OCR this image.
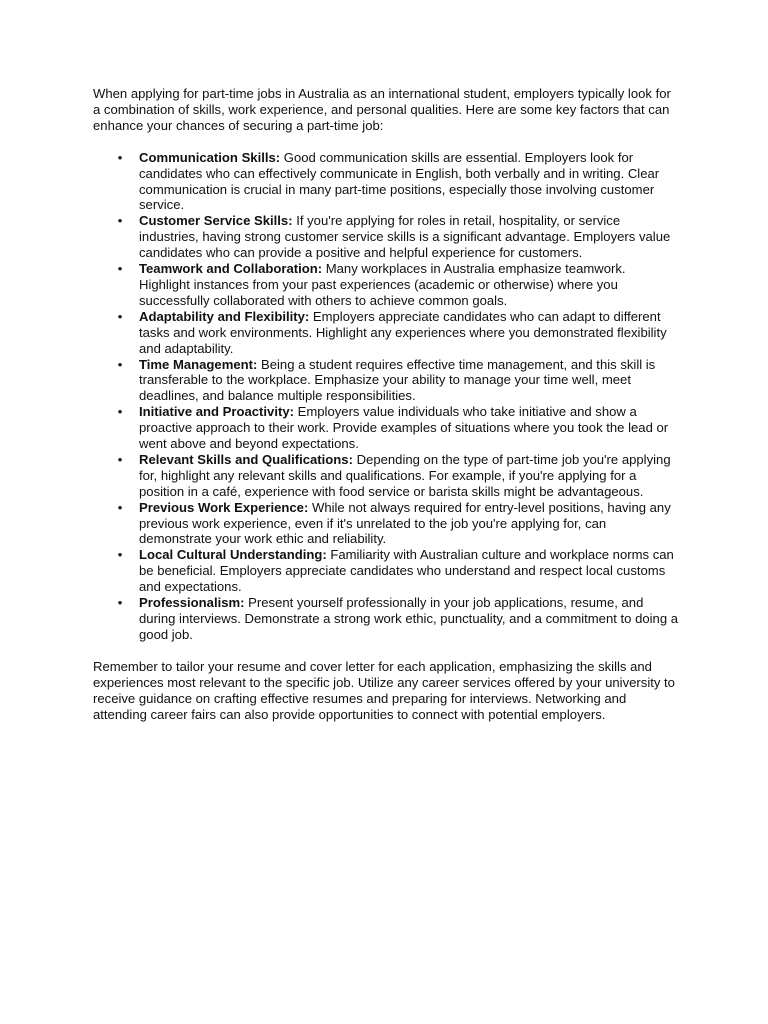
When applying for part-time jobs in Australia as an international student, employers typically look for a combination of skills, work experience, and personal qualities. Here are some key factors that can enhance your chances of securing a part-time job:

• Communication Skills: Good communication skills are essential. Employers look for candidates who can effectively communicate in English, both verbally and in writing. Clear communication is crucial in many part-time positions, especially those involving customer service.
• Customer Service Skills: If you're applying for roles in retail, hospitality, or service industries, having strong customer service skills is a significant advantage. Employers value candidates who can provide a positive and helpful experience for customers.
• Teamwork and Collaboration: Many workplaces in Australia emphasize teamwork. Highlight instances from your past experiences (academic or otherwise) where you successfully collaborated with others to achieve common goals.
• Adaptability and Flexibility: Employers appreciate candidates who can adapt to different tasks and work environments. Highlight any experiences where you demonstrated flexibility and adaptability.
• Time Management: Being a student requires effective time management, and this skill is transferable to the workplace. Emphasize your ability to manage your time well, meet deadlines, and balance multiple responsibilities.
• Initiative and Proactivity: Employers value individuals who take initiative and show a proactive approach to their work. Provide examples of situations where you took the lead or went above and beyond expectations.
• Relevant Skills and Qualifications: Depending on the type of part-time job you're applying for, highlight any relevant skills and qualifications. For example, if you're applying for a position in a café, experience with food service or barista skills might be advantageous.
• Previous Work Experience: While not always required for entry-level positions, having any previous work experience, even if it's unrelated to the job you're applying for, can demonstrate your work ethic and reliability.
• Local Cultural Understanding: Familiarity with Australian culture and workplace norms can be beneficial. Employers appreciate candidates who understand and respect local customs and expectations.
• Professionalism: Present yourself professionally in your job applications, resume, and during interviews. Demonstrate a strong work ethic, punctuality, and a commitment to doing a good job.

Remember to tailor your resume and cover letter for each application, emphasizing the skills and experiences most relevant to the specific job. Utilize any career services offered by your university to receive guidance on crafting effective resumes and preparing for interviews. Networking and attending career fairs can also provide opportunities to connect with potential employers.
